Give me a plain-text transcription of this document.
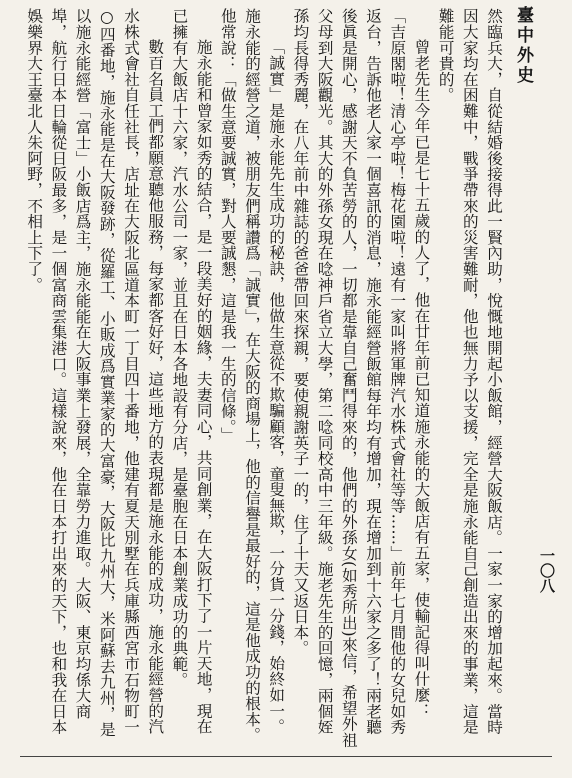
臺中外史
一〇八

然臨兵大，自從結婚後接得此一賢內助，悅慨地開起小飯館，經營大阪飯店。一家一家的增加起來。當時因大家均在困難中，戰爭帶來的災害難耐，他也無力予以支援，完全是施永能自己創造出來的事業，這是難能可貴的。

曾老先生今年已是七十五歲的人了，他在廿年前已知道施永能的大飯店有五家，使輸記得叫什麼：「吉原閣啦！清心亭啦！梅花園啦！遠有一家叫將軍牌汽水株式會社等等……」前年七月間他的女兒如秀返台，告訴他老人家一個喜訊的消息，施永能經營飯館每年均有增加，現在增加到十六家之多了！兩老聽後眞是開心，感謝天不負苦勞的人，一切都是靠自己奮鬥得來的，他們的外孫女(如秀所出)來信，希望外祖父母到大阪觀光。其大的外孫女現在唸神戶省立大學，第二唸同校高中三年級。施老先生的回憶，兩個姪孫均長得秀麗，在八年前中雜誌的爸爸帶回來探親，要使親謝英子一的，住了十天又返日本。

「誠實」是施永能先生成功的秘訣，他做生意從不欺騙顧客，童叟無欺，一分貨一分錢，始終如一。施永能的經營之道，被朋友們稱讚爲「誠實」，在大阪的商場上，他的信譽是最好的，這是他成功的根本。他常說：「做生意要誠實，對人要誠懇，這是我一生的信條。」

施永能和曾家如秀的結合，是一段美好的姻緣，夫妻同心，共同創業，在大阪打下了一片天地，現在已擁有大飯店十六家，汽水公司一家，並且在日本各地設有分店，是臺胞在日本創業成功的典範。

數百名員工們都願意聽他服務，每家都客好好，這些地方的表現都是施永能的成功，施永能經營的汽水株式會社自任社長，店址在大阪北區道本町一丁目四十番地，他建有夏天別墅在兵庫縣西宮市石物町一○四番地，施永能是在大阪發跡，從羅工、小販成爲實業家的大富豪，大阪比九州大，米阿蘇去九州，是以施永能經營「富士」小飯店爲主，施永能能在大阪事業上發展，全靠勞力進取。大阪、東京均係大商埠，航行日本日輪從日阪最多，是一個富商雲集港口。這樣說來，他在日本打出來的天下，也和我在日本娛樂界大王臺北人朱阿野，不相上下了。
